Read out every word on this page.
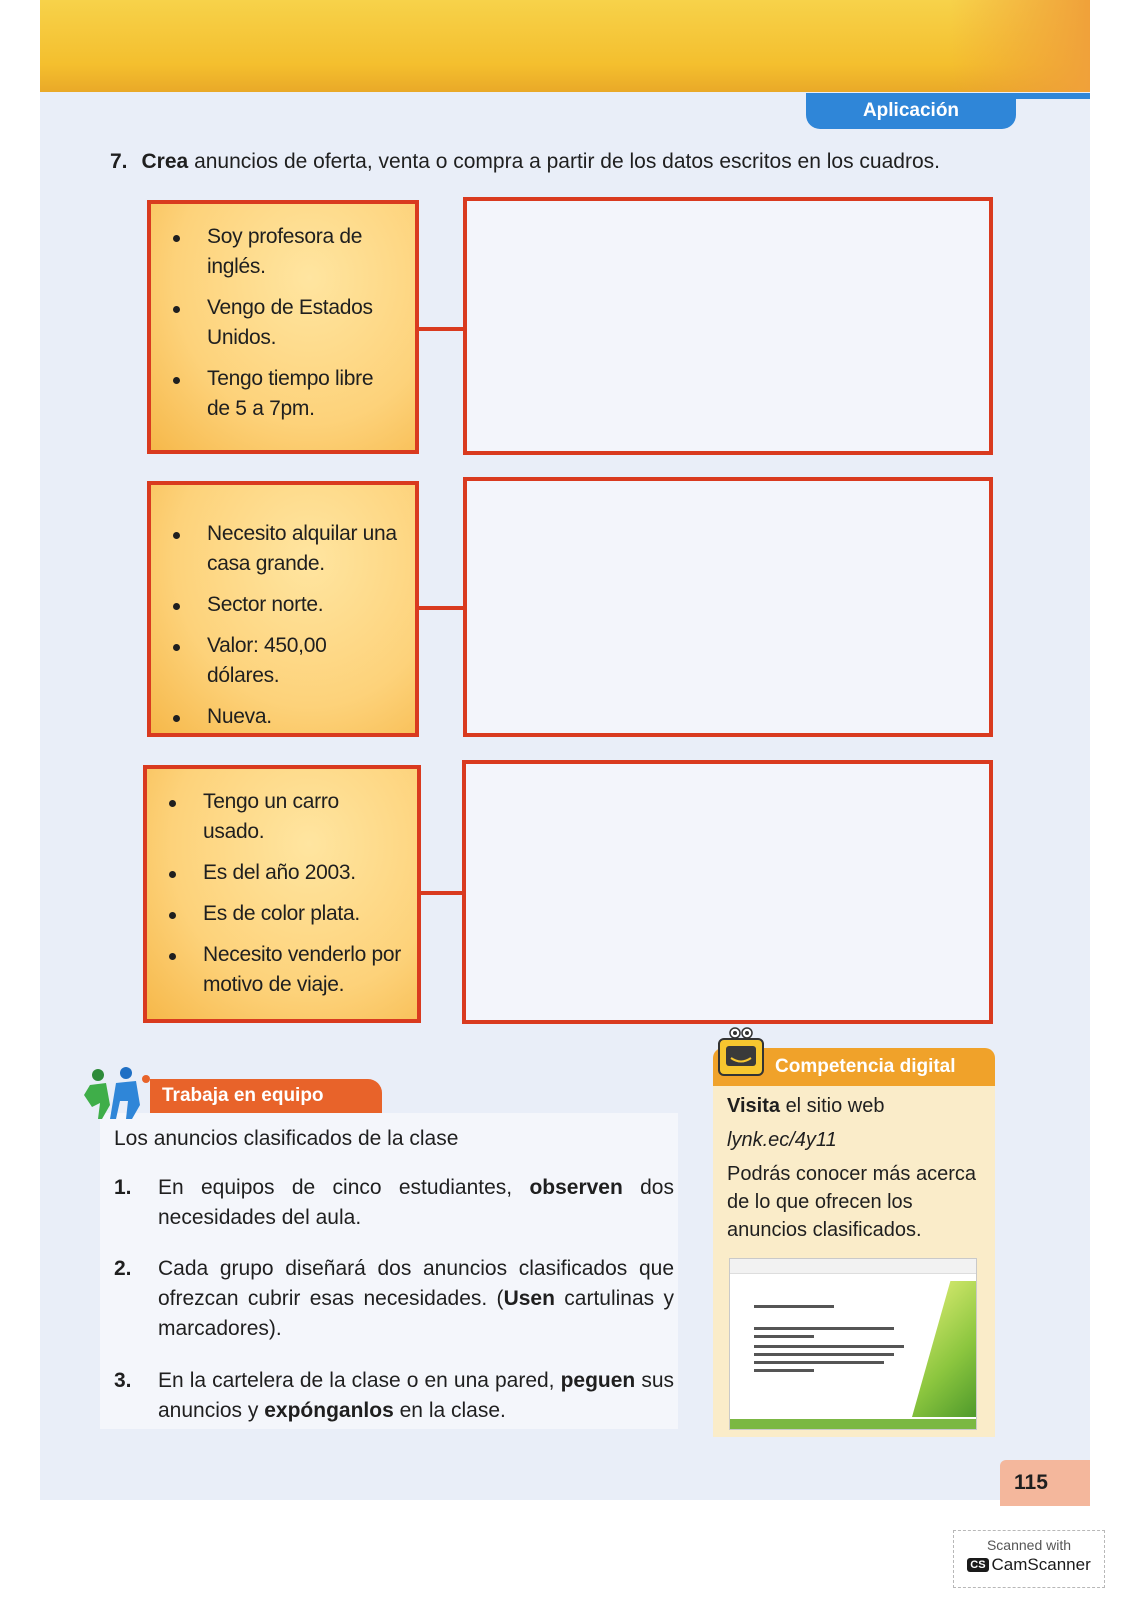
Aplicación
7. Crea anuncios de oferta, venta o compra a partir de los datos escritos en los cuadros.
Soy profesora de inglés.
Vengo de Estados Unidos.
Tengo tiempo libre de 5 a 7pm.
Necesito alquilar una casa grande.
Sector norte.
Valor: 450,00 dólares.
Nueva.
Tengo un carro usado.
Es del año 2003.
Es de color plata.
Necesito venderlo por motivo de viaje.
Trabaja en equipo
Los anuncios clasificados de la clase
1.	En equipos de cinco estudiantes, observen dos necesidades del aula.
2.	Cada grupo diseñará dos anuncios clasificados que ofrezcan cubrir esas necesidades. (Usen cartulinas y marcadores).
3.	En la cartelera de la clase o en una pared, peguen sus anuncios y expónganlos en la clase.
Competencia digital
Visita el sitio web
lynk.ec/4y11
Podrás conocer más acerca de lo que ofrecen los anuncios clasificados.
115
Scanned with
CS CamScanner
